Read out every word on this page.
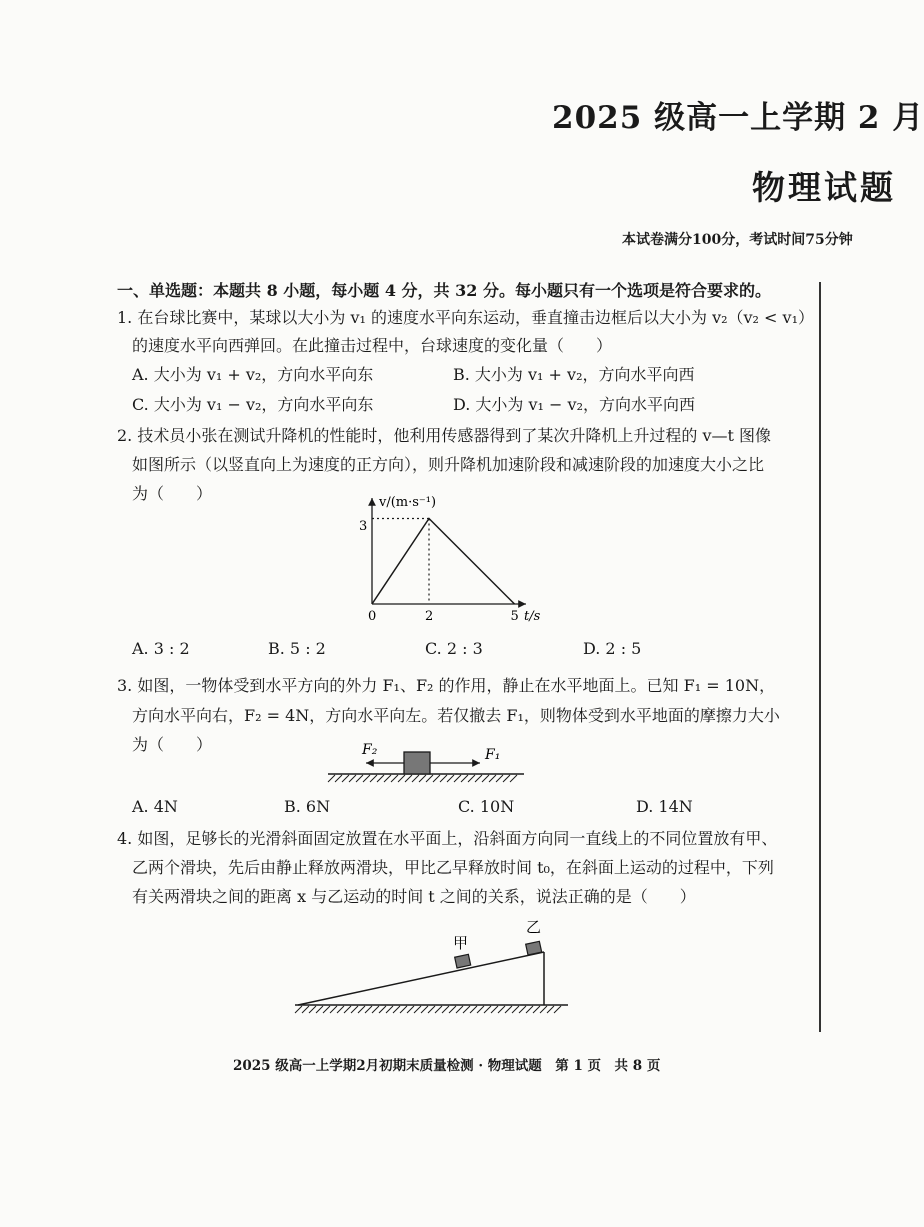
2025 级高一上学期 2 月
物理试题
本试卷满分100分，考试时间75分钟
一、单选题：本题共 8 小题，每小题 4 分，共 32 分。每小题只有一个选项是符合要求的。
1. 在台球比赛中，某球以大小为 v₁ 的速度水平向东运动，垂直撞击边框后以大小为 v₂（v₂ < v₁）
的速度水平向西弹回。在此撞击过程中，台球速度的变化量（　　）
A. 大小为 v₁ + v₂，方向水平向东	B. 大小为 v₁ + v₂，方向水平向西
C. 大小为 v₁ − v₂，方向水平向东	D. 大小为 v₁ − v₂，方向水平向西
2. 技术员小张在测试升降机的性能时，他利用传感器得到了某次升降机上升过程的 v—t 图像
如图所示（以竖直向上为速度的正方向），则升降机加速阶段和减速阶段的加速度大小之比
为（　　）	v/(m·s⁻¹)
t/s
3
0	2	5
A. 3 : 2	B. 5 : 2	C. 2 : 3	D. 2 : 5
3. 如图，一物体受到水平方向的外力 F₁、F₂ 的作用，静止在水平地面上。已知 F₁ = 10N，
方向水平向右，F₂ = 4N，方向水平向左。若仅撤去 F₁，则物体受到水平地面的摩擦力大小
为（　　）	F₂	F₁
A. 4N	B. 6N	C. 10N	D. 14N
4. 如图，足够长的光滑斜面固定放置在水平面上，沿斜面方向同一直线上的不同位置放有甲、
乙两个滑块，先后由静止释放两滑块，甲比乙早释放时间 t₀，在斜面上运动的过程中，下列
有关两滑块之间的距离 x 与乙运动的时间 t 之间的关系，说法正确的是（　　）
甲
乙
2025 级高一上学期2月初期末质量检测 · 物理试题　第 1 页　共 8 页
